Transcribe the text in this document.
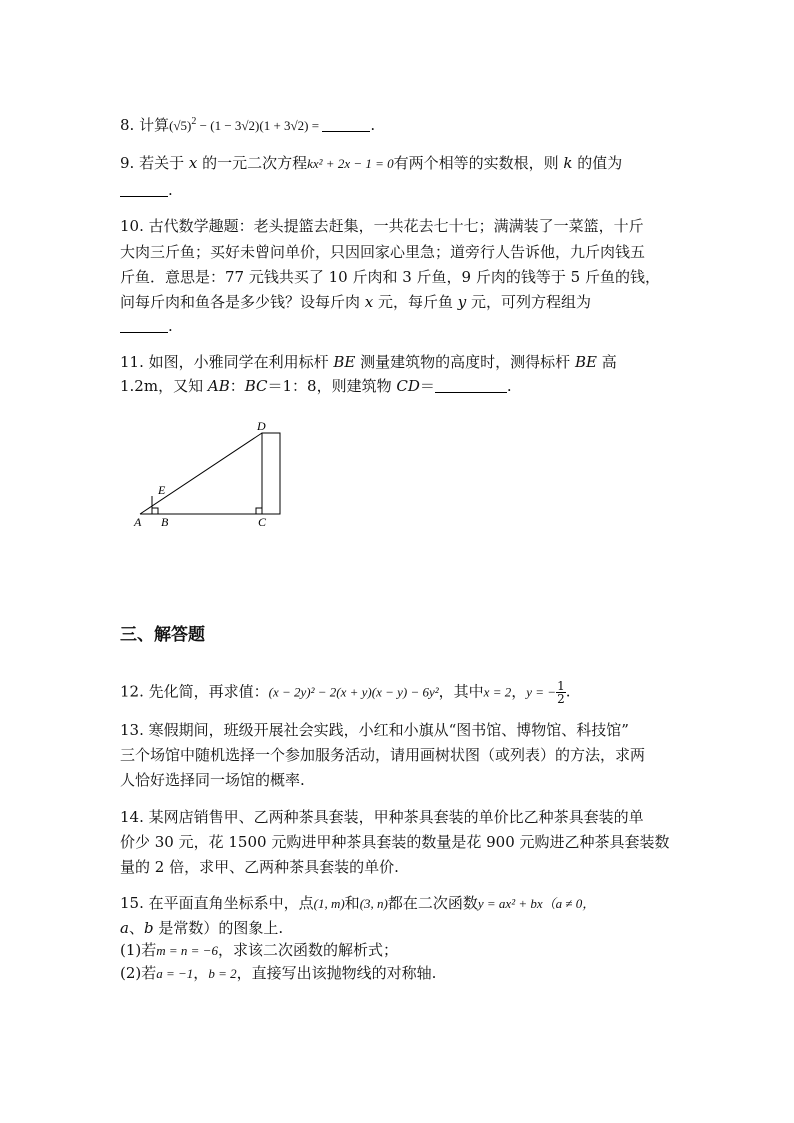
8. 计算$(√5)^2 - (1 - 3√2)(1 + 3√2)$ =	.
9. 若关于 x 的一元二次方程kx² + 2x − 1 = 0有两个相等的实数根，则 k 的值为
.
10. 古代数学趣题：老头提篮去赶集，一共花去七十七；满满装了一菜篮，十斤
大肉三斤鱼；买好未曾问单价，只因回家心里急；道旁行人告诉他，九斤肉钱五
斤鱼．意思是：77 元钱共买了 10 斤肉和 3 斤鱼，9 斤肉的钱等于 5 斤鱼的钱，
问每斤肉和鱼各是多少钱？设每斤肉 x 元，每斤鱼 y 元，可列方程组为
.
11. 如图，小雅同学在利用标杆 BE 测量建筑物的高度时，测得标杆 BE 高
1.2m，又知 AB：BC＝1：8，则建筑物 CD＝	.
A B	C
D
E
三、解答题
12. 先化简，再求值：(x − 2y)² − 2(x + y)(x − y) − 6y²，其中x = 2，y = − $\frac{1}{2}$ .
13. 寒假期间，班级开展社会实践，小红和小旗从“图书馆、博物馆、科技馆”
三个场馆中随机选择一个参加服务活动，请用画树状图（或列表）的方法，求两
人恰好选择同一场馆的概率.
14. 某网店销售甲、乙两种茶具套装，甲种茶具套装的单价比乙种茶具套装的单
价少 30 元，花 1500 元购进甲种茶具套装的数量是花 900 元购进乙种茶具套装数
量的 2 倍，求甲、乙两种茶具套装的单价.
15. 在平面直角坐标系中，点(1, m)和(3, n)都在二次函数y = ax² + bx（a ≠ 0，
a、b 是常数）的图象上.
(1)若m = n = −6，求该二次函数的解析式；
(2)若a = −1，b = 2，直接写出该抛物线的对称轴.
